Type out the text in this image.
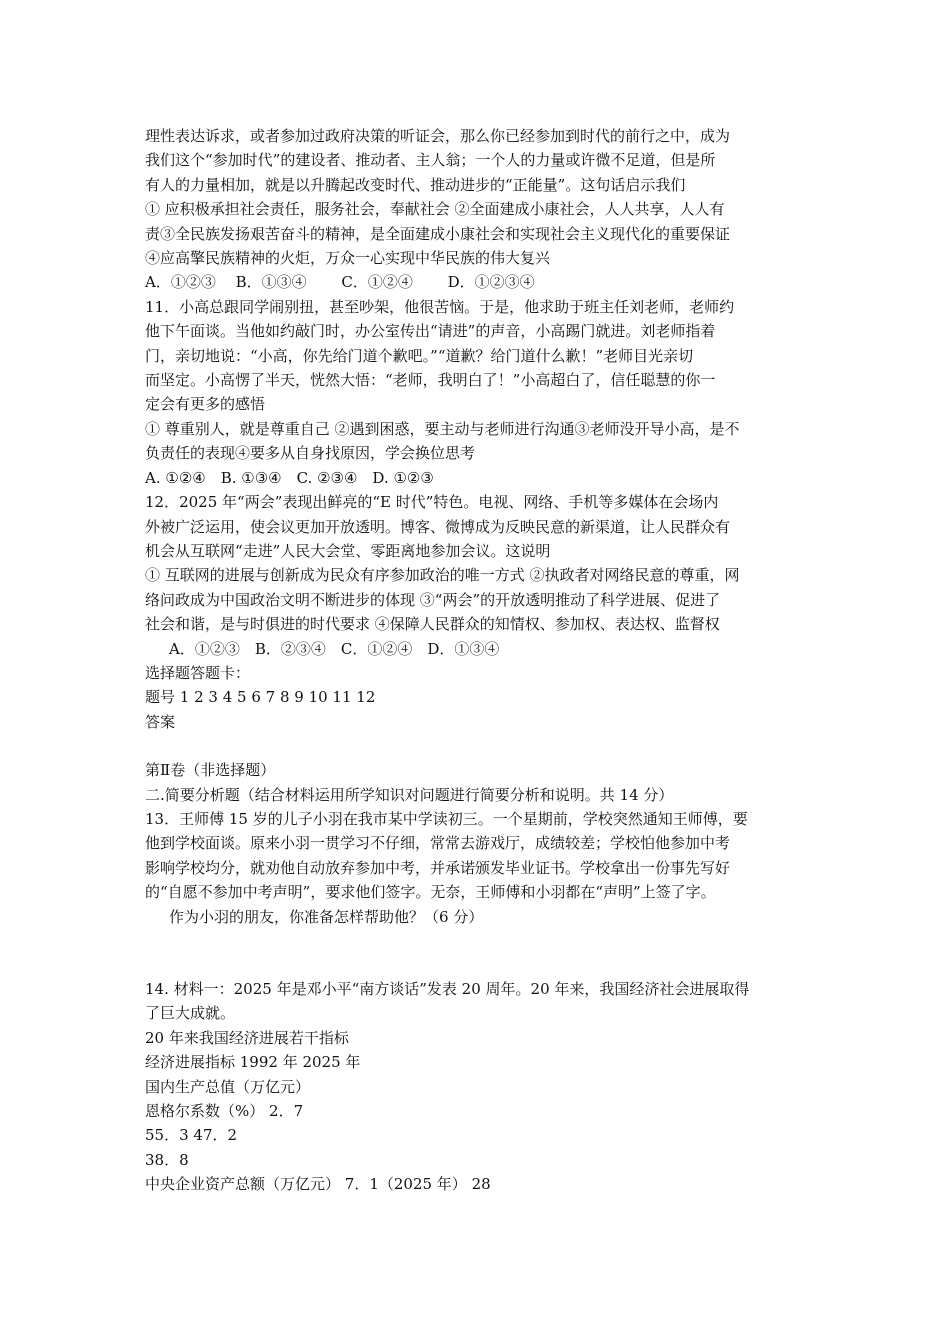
理性表达诉求，或者参加过政府决策的听证会，那么你已经参加到时代的前行之中，成为
我们这个“参加时代”的建设者、推动者、主人翁；一个人的力量或许微不足道，但是所
有人的力量相加，就是以升腾起改变时代、推动进步的“正能量”。这句话启示我们
① 应积极承担社会责任，服务社会，奉献社会 ②全面建成小康社会，人人共享，人人有
责③全民族发扬艰苦奋斗的精神，是全面建成小康社会和实现社会主义现代化的重要保证
④应高擎民族精神的火炬，万众一心实现中华民族的伟大复兴
A．①②③　 B．①③④　　 C．①②④　　 D．①②③④
11．小高总跟同学闹别扭，甚至吵架，他很苦恼。于是，他求助于班主任刘老师，老师约
他下午面谈。当他如约敲门时，办公室传出“请进”的声音，小高踢门就进。刘老师指着
门，亲切地说：“小高，你先给门道个歉吧。”“道歉？给门道什么歉！”老师目光亲切
而坚定。小高愣了半天，恍然大悟：“老师，我明白了！”小高超白了，信任聪慧的你一
定会有更多的感悟
① 尊重别人，就是尊重自己 ②遇到困惑，要主动与老师进行沟通③老师没开导小高，是不
负责任的表现④要多从自身找原因，学会换位思考
A. ①②④　B. ①③④　C. ②③④　D. ①②③
12．2025 年“两会”表现出鲜亮的“E 时代”特色。电视、网络、手机等多媒体在会场内
外被广泛运用，使会议更加开放透明。博客、微博成为反映民意的新渠道，让人民群众有
机会从互联网“走进”人民大会堂、零距离地参加会议。这说明
① 互联网的进展与创新成为民众有序参加政治的唯一方式 ②执政者对网络民意的尊重，网
络问政成为中国政治文明不断进步的体现 ③“两会”的开放透明推动了科学进展、促进了
社会和谐，是与时俱进的时代要求 ④保障人民群众的知情权、参加权、表达权、监督权
A．①②③　B．②③④　C．①②④　D．①③④
选择题答题卡：
题号 1 2 3 4 5 6 7 8 9 10 11 12
答案
第Ⅱ卷（非选择题）
二.简要分析题（结合材料运用所学知识对问题进行简要分析和说明。共 14 分）
13．王师傅 15 岁的儿子小羽在我市某中学读初三。一个星期前，学校突然通知王师傅，要
他到学校面谈。原来小羽一贯学习不仔细，常常去游戏厅，成绩较差；学校怕他参加中考
影响学校均分，就劝他自动放弃参加中考，并承诺颁发毕业证书。学校拿出一份事先写好
的“自愿不参加中考声明”，要求他们签字。无奈，王师傅和小羽都在“声明”上签了字。
作为小羽的朋友，你准备怎样帮助他？（6 分）
14. 材料一：2025 年是邓小平“南方谈话”发表 20 周年。20 年来，我国经济社会进展取得
了巨大成就。
20 年来我国经济进展若干指标
经济进展指标 1992 年 2025 年
国内生产总值（万亿元）
恩格尔系数（%） 2．7
55．3 47．2
38．8
中央企业资产总额（万亿元） 7．1（2025 年） 28
